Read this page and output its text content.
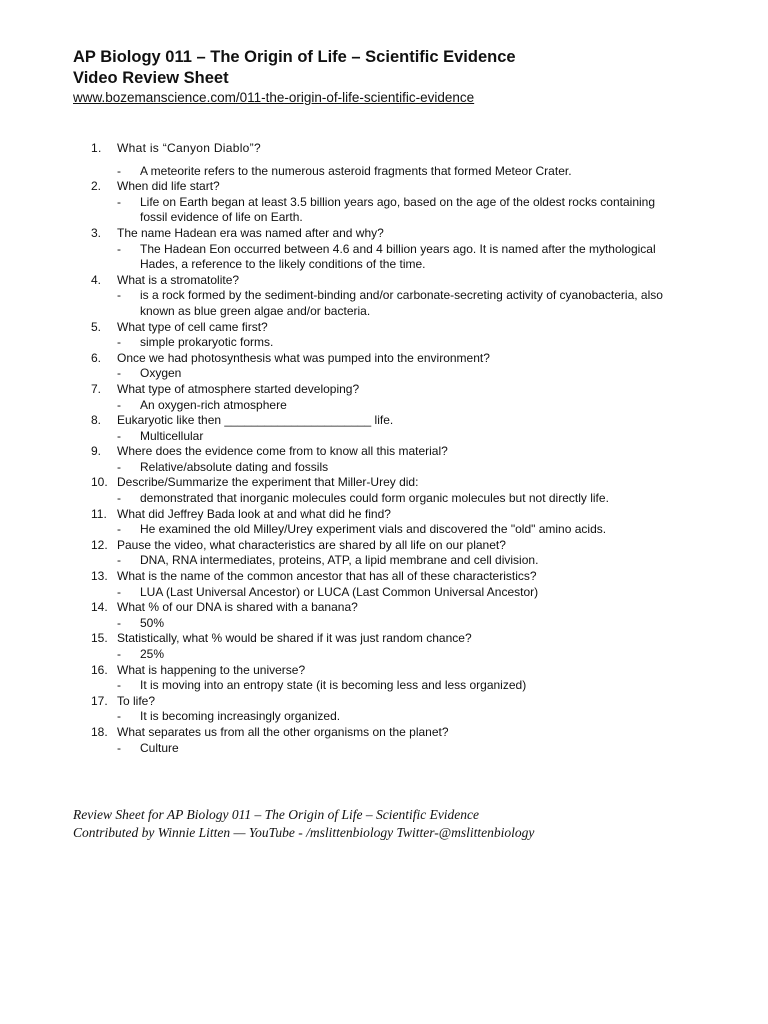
AP Biology 011 – The Origin of Life – Scientific Evidence
Video Review Sheet
www.bozemanscience.com/011-the-origin-of-life-scientific-evidence
1.	What is “Canyon Diablo”?
-	A meteorite refers to the numerous asteroid fragments that formed Meteor Crater.
2.	When did life start?
-	Life on Earth began at least 3.5 billion years ago, based on the age of the oldest rocks containing fossil evidence of life on Earth.
3.	The name Hadean era was named after and why?
-	The Hadean Eon occurred between 4.6 and 4 billion years ago. It is named after the mythological Hades, a reference to the likely conditions of the time.
4.	What is a stromatolite?
-	is a rock formed by the sediment-binding and/or carbonate-secreting activity of cyanobacteria, also known as blue green algae and/or bacteria.
5.	What type of cell came first?
-	simple prokaryotic forms.
6.	Once we had photosynthesis what was pumped into the environment?
-	Oxygen
7.	What type of atmosphere started developing?
-	An oxygen-rich atmosphere
8.	Eukaryotic like then ______________________ life.
-	Multicellular
9.	Where does the evidence come from to know all this material?
-	Relative/absolute dating and fossils
10. Describe/Summarize the experiment that Miller-Urey did:
-	demonstrated that inorganic molecules could form organic molecules but not directly life.
11. What did Jeffrey Bada look at and what did he find?
-	He examined the old Milley/Urey experiment vials and discovered the "old" amino acids.
12. Pause the video, what characteristics are shared by all life on our planet?
-	DNA, RNA intermediates, proteins, ATP, a lipid membrane and cell division.
13. What is the name of the common ancestor that has all of these characteristics?
-	LUA (Last Universal Ancestor) or LUCA (Last Common Universal Ancestor)
14. What % of our DNA is shared with a banana?
-	50%
15. Statistically, what % would be shared if it was just random chance?
-	25%
16. What is happening to the universe?
-	It is moving into an entropy state (it is becoming less and less organized)
17. To life?
-	It is becoming increasingly organized.
18. What separates us from all the other organisms on the planet?
-	Culture
Review Sheet for AP Biology 011 – The Origin of Life – Scientific Evidence
Contributed by Winnie Litten — YouTube - /mslittenbiology Twitter-@mslittenbiology
